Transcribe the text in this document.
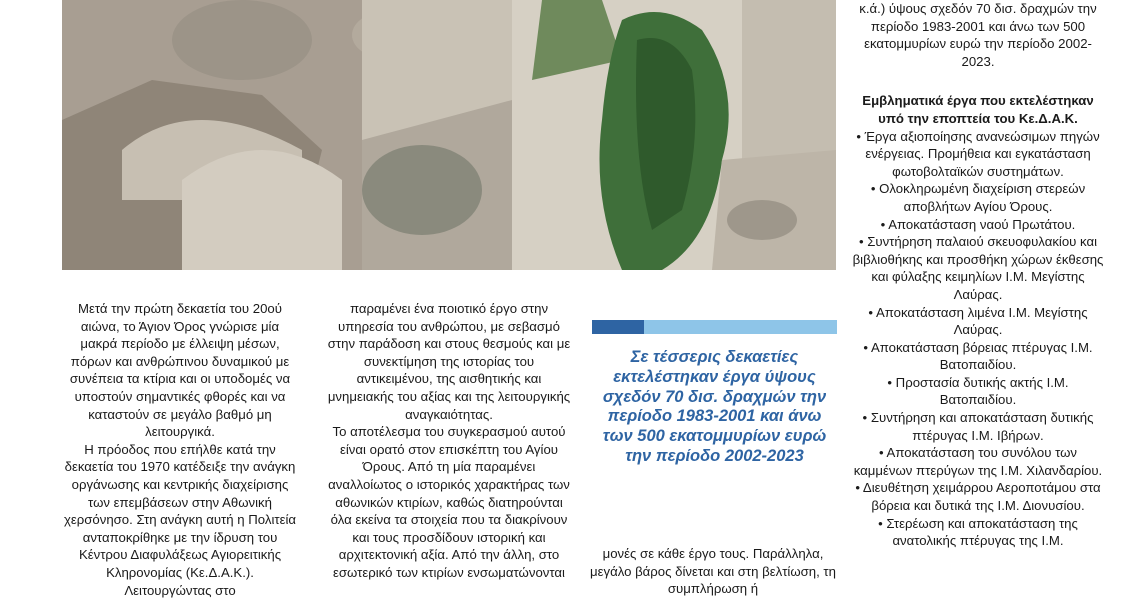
Μετά την πρώτη δεκαετία του 20ού αιώνα, το Άγιον Όρος γνώρισε μία μακρά περίοδο με έλλειψη μέσων, πόρων και ανθρώπινου δυναμικού με συνέπεια τα κτίρια και οι υποδομές να υποστούν σημαντικές φθορές και να καταστούν σε μεγάλο βαθμό μη λειτουργικά.

Η πρόοδος που επήλθε κατά την δεκαετία του 1970 κατέδειξε την ανάγκη οργάνωσης και κεντρικής διαχείρισης των επεμβάσεων στην Αθωνική χερσόνησο. Στη ανάγκη αυτή η Πολιτεία ανταποκρίθηκε με την ίδρυση του Κέντρου Διαφυλάξεως Αγιορειτικής Κληρονομίας (Κε.Δ.Α.Κ.). Λειτουργώντας στο

παραμένει ένα ποιοτικό έργο στην υπηρεσία του ανθρώπου, με σεβασμό στην παράδοση και στους θεσμούς και με συνεκτίμηση της ιστορίας του αντικειμένου, της αισθητικής και μνημειακής του αξίας και της λειτουργικής αναγκαιότητας.

Το αποτέλεσμα του συγκερασμού αυτού είναι ορατό στον επισκέπτη του Αγίου Όρους. Από τη μία παραμένει αναλλοίωτος ο ιστορικός χαρακτήρας των αθωνικών κτιρίων, καθώς διατηρούνται όλα εκείνα τα στοιχεία που τα διακρίνουν και τους προσδίδουν ιστορική και αρχιτεκτονική αξία. Από την άλλη, στο εσωτερικό των κτιρίων ενσωματώνονται

Σε τέσσερις δεκαετίες εκτελέστηκαν έργα ύψους σχεδόν 70 δισ. δραχμών την περίοδο 1983-2001 και άνω των 500 εκατομμυρίων ευρώ την περίοδο 2002-2023

μονές σε κάθε έργο τους. Παράλληλα, μεγάλο βάρος δίνεται και στη βελτίωση, τη συμπλήρωση ή

κ.ά.) ύψους σχεδόν 70 δισ. δραχμών την περίοδο 1983-2001 και άνω των 500 εκατομμυρίων ευρώ την περίοδο 2002-2023.

Εμβληματικά έργα που εκτελέστηκαν υπό την εποπτεία του Κε.Δ.Α.Κ.

• Έργα αξιοποίησης ανανεώσιμων πηγών ενέργειας. Προμήθεια και εγκατάσταση φωτοβολταϊκών συστημάτων.

• Ολοκληρωμένη διαχείριση στερεών αποβλήτων Αγίου Όρους.

• Αποκατάσταση ναού Πρωτάτου.

• Συντήρηση παλαιού σκευοφυλακίου και βιβλιοθήκης και προσθήκη χώρων έκθεσης και φύλαξης κειμηλίων Ι.Μ. Μεγίστης Λαύρας.

• Αποκατάσταση λιμένα Ι.Μ. Μεγίστης Λαύρας.

• Αποκατάσταση βόρειας πτέρυγας Ι.Μ. Βατοπαιδίου.

• Προστασία δυτικής ακτής Ι.Μ. Βατοπαιδίου.

• Συντήρηση και αποκατάσταση δυτικής πτέρυγας Ι.Μ. Ιβήρων.

• Αποκατάσταση του συνόλου των καμμένων πτερύγων της Ι.Μ. Χιλανδαρίου.

• Διευθέτηση χειμάρρου Αεροποτάμου στα βόρεια και δυτικά της Ι.Μ. Διονυσίου.

• Στερέωση και αποκατάσταση της ανατολικής πτέρυγας της Ι.Μ.
